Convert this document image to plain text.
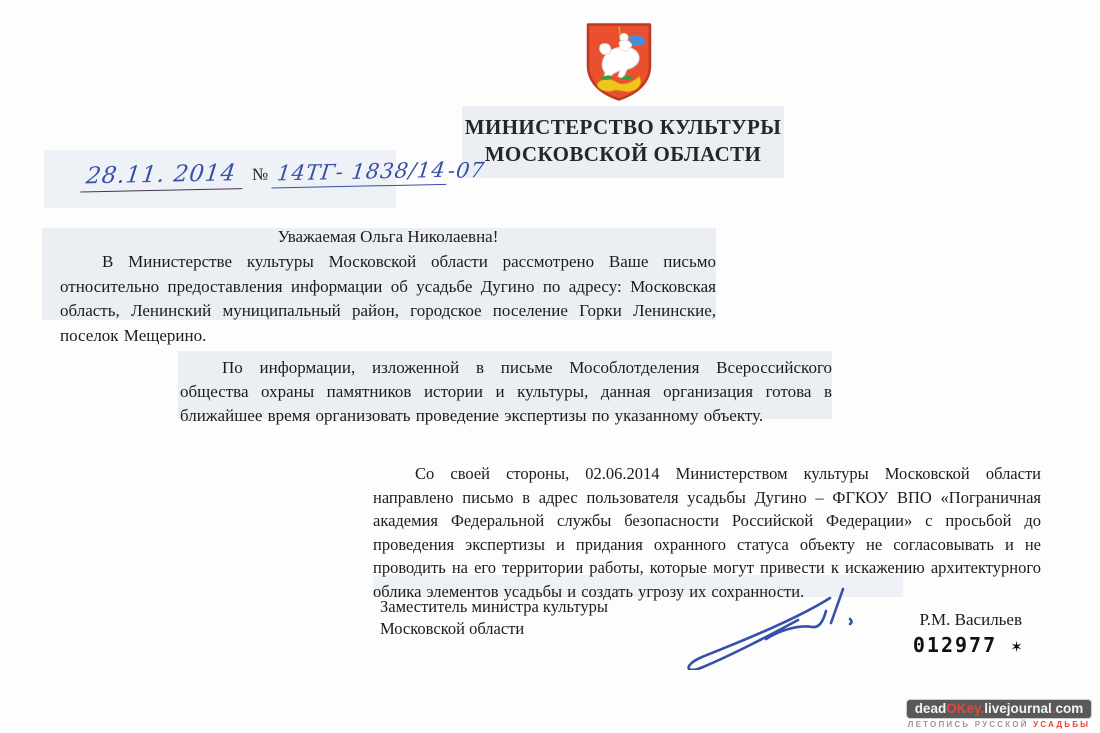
МИНИСТЕРСТВО КУЛЬТУРЫ
МОСКОВСКОЙ ОБЛАСТИ
28.11. 2014 № 14ТГ- 1838/14 -07
Уважаемая Ольга Николаевна!
В Министерстве культуры Московской области рассмотрено Ваше письмо относительно предоставления информации об усадьбе Дугино по адресу: Московская область, Ленинский муниципальный район, городское поселение Горки Ленинские, поселок Мещерино.
По информации, изложенной в письме Мособлотделения Всероссийского общества охраны памятников истории и культуры, данная организация готова в ближайшее время организовать проведение экспертизы по указанному объекту.
Со своей стороны, 02.06.2014 Министерством культуры Московской области направлено письмо в адрес пользователя усадьбы Дугино – ФГКОУ ВПО «Пограничная академия Федеральной службы безопасности Российской Федерации» с просьбой до проведения экспертизы и придания охранного статуса объекту не согласовывать и не проводить на его территории работы, которые могут привести к искажению архитектурного облика элементов усадьбы и создать угрозу их сохранности.
Заместитель министра культуры
Московской области	Р.М. Васильев
012977 ✶
deadOKey.livejournal.com
ЛЕТОПИСЬ РУССКОЙ УСАДЬБЫ
